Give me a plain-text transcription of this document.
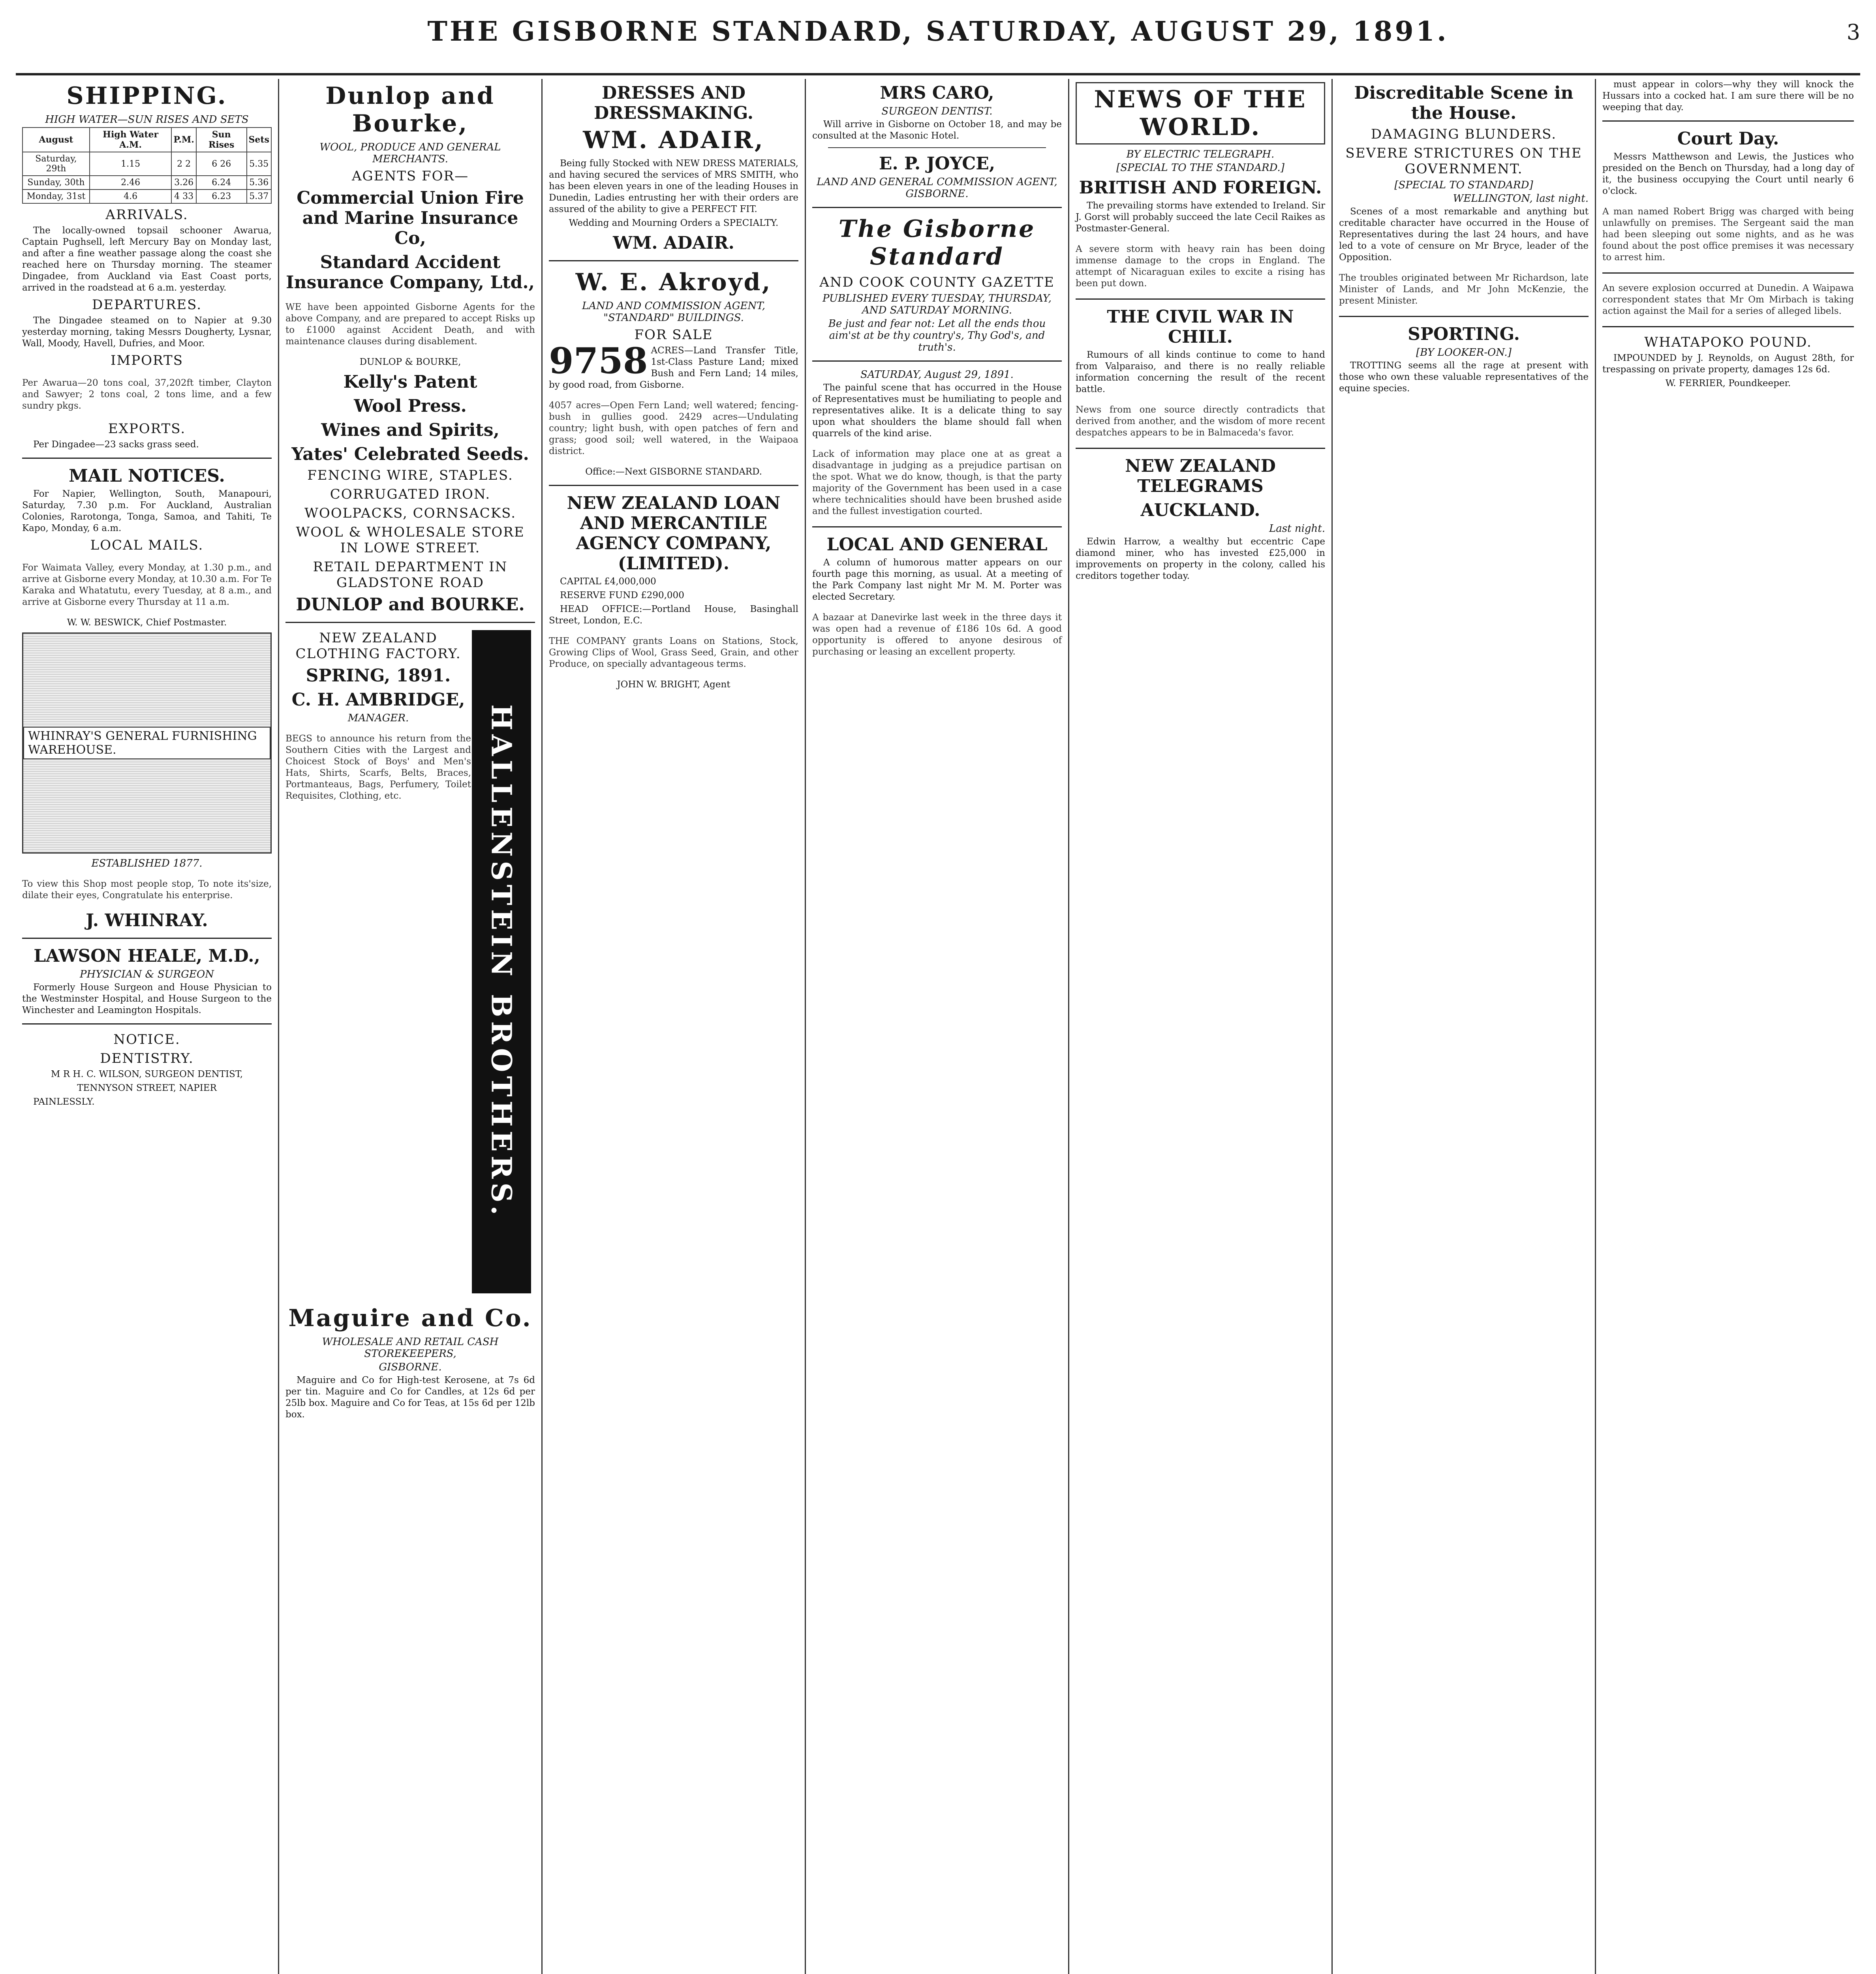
THE GISBORNE STANDARD, SATURDAY, AUGUST 29, 1891.	3
SHIPPING.
HIGH WATER—SUN RISES AND SETS
August	High Water A.M.	P.M.	Sun Rises	Sets
Saturday, 29th	1.15	2 2	6 26	5.35
Sunday, 30th	2.46	3.26	6.24	5.36
Monday, 31st	4.6	4 33	6.23	5.37
ARRIVALS.

The locally-owned topsail schooner Awarua, Captain Pughsell, left Mercury Bay on Monday last, and after a fine weather passage along the coast she reached here on Thursday morning. The steamer Dingadee, from Auckland via East Coast ports, arrived in the roadstead at 6 a.m. yesterday.

DEPARTURES.

The Dingadee steamed on to Napier at 9.30 yesterday morning, taking Messrs Dougherty, Lysnar, Wall, Moody, Havell, Dufries, and Moor.

IMPORTS

Per Awarua—20 tons coal, 37,202ft timber, Clayton and Sawyer; 2 tons coal, 2 tons lime, and a few sundry pkgs.

EXPORTS.

Per Dingadee—23 sacks grass seed.

MAIL NOTICES.

For Napier, Wellington, South, Manapouri, Saturday, 7.30 p.m. For Auckland, Australian Colonies, Rarotonga, Tonga, Samoa, and Tahiti, Te Kapo, Monday, 6 a.m.

LOCAL MAILS.

For Waimata Valley, every Monday, at 1.30 p.m., and arrive at Gisborne every Monday, at 10.30 a.m. For Te Karaka and Whatatutu, every Tuesday, at 8 a.m., and arrive at Gisborne every Thursday at 11 a.m.

W. W. BESWICK, Chief Postmaster.

WHINRAY'S GENERAL FURNISHING WAREHOUSE.
ESTABLISHED 1877.

To view this Shop most people stop, To note its'size, dilate their eyes, Congratulate his enterprise.

J. WHINRAY.
LAWSON HEALE, M.D.,
PHYSICIAN & SURGEON

Formerly House Surgeon and House Physician to the Westminster Hospital, and House Surgeon to the Winchester and Leamington Hospitals.

NOTICE.
DENTISTRY.

M R H. C. WILSON, SURGEON DENTIST,

TENNYSON STREET, NAPIER

PAINLESSLY.

Dunlop and Bourke,
WOOL, PRODUCE AND GENERAL MERCHANTS.
AGENTS FOR—
Commercial Union Fire and Marine Insurance Co,
Standard Accident Insurance Company, Ltd.,

WE have been appointed Gisborne Agents for the above Company, and are prepared to accept Risks up to £1000 against Accident Death, and with maintenance clauses during disablement.

DUNLOP & BOURKE,

Kelly's Patent
Wool Press.
Wines and Spirits,
Yates' Celebrated Seeds.
FENCING WIRE, STAPLES.
CORRUGATED IRON.
WOOLPACKS, CORNSACKS.
WOOL & WHOLESALE STORE IN LOWE STREET.
RETAIL DEPARTMENT IN GLADSTONE ROAD
DUNLOP and BOURKE.
NEW ZEALAND CLOTHING FACTORY.
SPRING, 1891.
C. H. AMBRIDGE,
MANAGER.

BEGS to announce his return from the Southern Cities with the Largest and Choicest Stock of Boys' and Men's Hats, Shirts, Scarfs, Belts, Braces, Portmanteaus, Bags, Perfumery, Toilet Requisites, Clothing, etc.	HALLENSTEIN BROTHERS.
Maguire and Co.
WHOLESALE AND RETAIL CASH STOREKEEPERS,
GISBORNE.

Maguire and Co for High-test Kerosene, at 7s 6d per tin. Maguire and Co for Candles, at 12s 6d per 25lb box. Maguire and Co for Teas, at 15s 6d per 12lb box.

DRESSES AND DRESSMAKING.
WM. ADAIR,

Being fully Stocked with NEW DRESS MATERIALS, and having secured the services of MRS SMITH, who has been eleven years in one of the leading Houses in Dunedin, Ladies entrusting her with their orders are assured of the ability to give a PERFECT FIT.

Wedding and Mourning Orders a SPECIALTY.

WM. ADAIR.
W. E. Akroyd,
LAND AND COMMISSION AGENT, "STANDARD" BUILDINGS.
FOR SALE
9758 ACRES—Land Transfer Title, 1st-Class Pasture Land; mixed Bush and Fern Land; 14 miles, by good road, from Gisborne.

4057 acres—Open Fern Land; well watered; fencing-bush in gullies good. 2429 acres—Undulating country; light bush, with open patches of fern and grass; good soil; well watered, in the Waipaoa district.

Office:—Next GISBORNE STANDARD.

NEW ZEALAND LOAN AND MERCANTILE AGENCY COMPANY, (LIMITED).

CAPITAL £4,000,000

RESERVE FUND £290,000

HEAD OFFICE:—Portland House, Basinghall Street, London, E.C.

THE COMPANY grants Loans on Stations, Stock, Growing Clips of Wool, Grass Seed, Grain, and other Produce, on specially advantageous terms.

JOHN W. BRIGHT, Agent

MRS CARO,
SURGEON DENTIST.

Will arrive in Gisborne on October 18, and may be consulted at the Masonic Hotel.

E. P. JOYCE,
LAND AND GENERAL COMMISSION AGENT, GISBORNE.
The Gisborne Standard
AND COOK COUNTY GAZETTE
PUBLISHED EVERY TUESDAY, THURSDAY, AND SATURDAY MORNING.
Be just and fear not: Let all the ends thou aim'st at be thy country's, Thy God's, and truth's.
SATURDAY, August 29, 1891.

The painful scene that has occurred in the House of Representatives must be humiliating to people and representatives alike. It is a delicate thing to say upon what shoulders the blame should fall when quarrels of the kind arise.

Lack of information may place one at as great a disadvantage in judging as a prejudice partisan on the spot. What we do know, though, is that the party majority of the Government has been used in a case where technicalities should have been brushed aside and the fullest investigation courted.

LOCAL AND GENERAL

A column of humorous matter appears on our fourth page this morning, as usual. At a meeting of the Park Company last night Mr M. M. Porter was elected Secretary.

A bazaar at Danevirke last week in the three days it was open had a revenue of £186 10s 6d. A good opportunity is offered to anyone desirous of purchasing or leasing an excellent property.

NEWS OF THE WORLD.
BY ELECTRIC TELEGRAPH.
[SPECIAL TO THE STANDARD.]
BRITISH AND FOREIGN.

The prevailing storms have extended to Ireland. Sir J. Gorst will probably succeed the late Cecil Raikes as Postmaster-General.

A severe storm with heavy rain has been doing immense damage to the crops in England. The attempt of Nicaraguan exiles to excite a rising has been put down.

THE CIVIL WAR IN CHILI.

Rumours of all kinds continue to come to hand from Valparaiso, and there is no really reliable information concerning the result of the recent battle.

News from one source directly contradicts that derived from another, and the wisdom of more recent despatches appears to be in Balmaceda's favor.

NEW ZEALAND TELEGRAMS
AUCKLAND.
Last night.

Edwin Harrow, a wealthy but eccentric Cape diamond miner, who has invested £25,000 in improvements on property in the colony, called his creditors together today.

Discreditable Scene in the House.
DAMAGING BLUNDERS.
SEVERE STRICTURES ON THE GOVERNMENT.
[SPECIAL TO STANDARD]
WELLINGTON, last night.

Scenes of a most remarkable and anything but creditable character have occurred in the House of Representatives during the last 24 hours, and have led to a vote of censure on Mr Bryce, leader of the Opposition.

The troubles originated between Mr Richardson, late Minister of Lands, and Mr John McKenzie, the present Minister.

SPORTING.
[BY LOOKER-ON.]

TROTTING seems all the rage at present with those who own these valuable representatives of the equine species.

must appear in colors—why they will knock the Hussars into a cocked hat. I am sure there will be no weeping that day.

Court Day.

Messrs Matthewson and Lewis, the Justices who presided on the Bench on Thursday, had a long day of it, the business occupying the Court until nearly 6 o'clock.

A man named Robert Brigg was charged with being unlawfully on premises. The Sergeant said the man had been sleeping out some nights, and as he was found about the post office premises it was necessary to arrest him.

An severe explosion occurred at Dunedin. A Waipawa correspondent states that Mr Om Mirbach is taking action against the Mail for a series of alleged libels.

WHATAPOKO POUND.

IMPOUNDED by J. Reynolds, on August 28th, for trespassing on private property, damages 12s 6d.

W. FERRIER, Poundkeeper.
